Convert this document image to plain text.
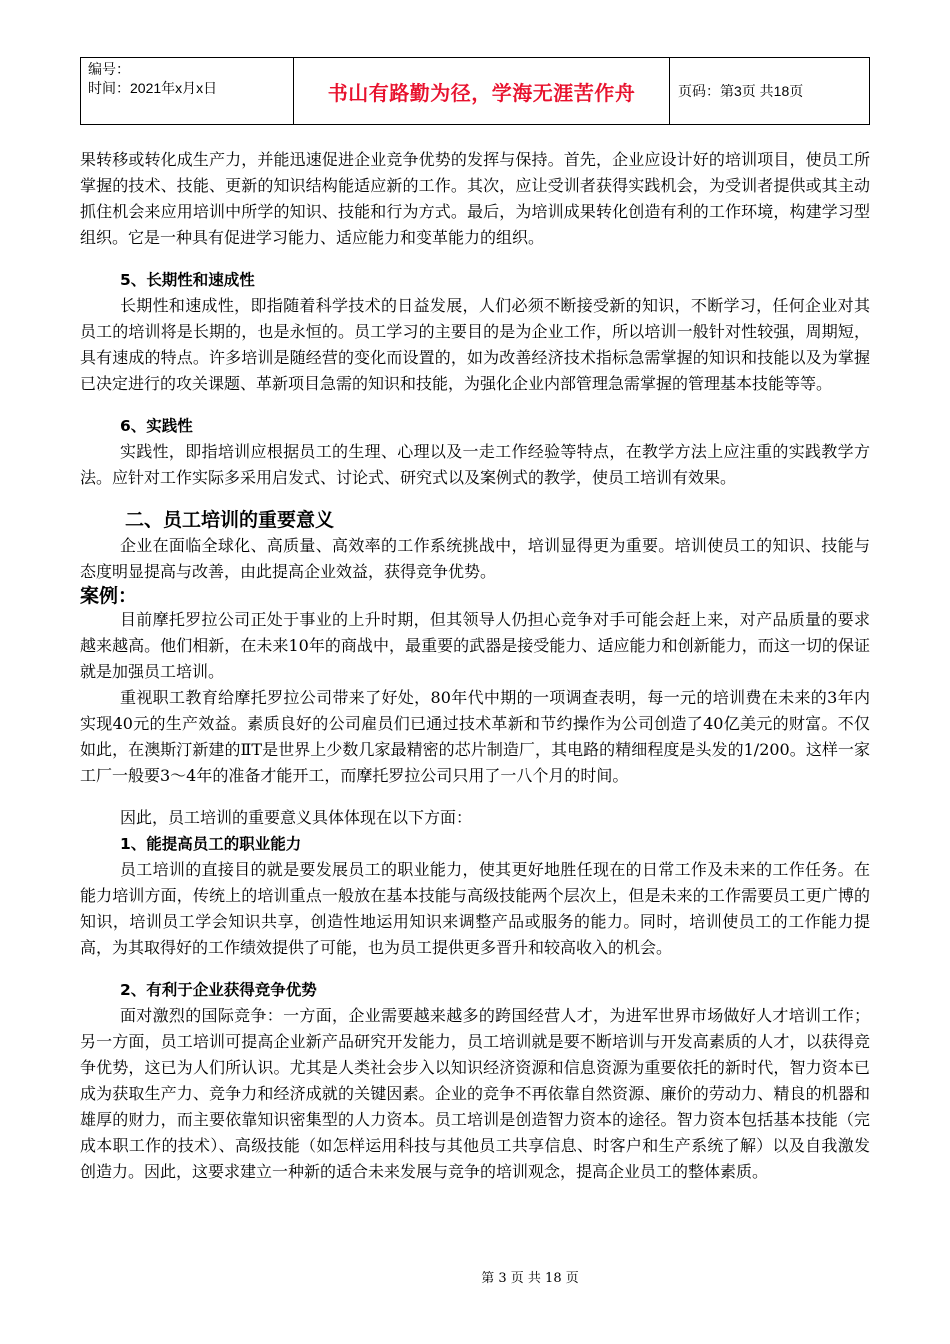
编号：
时间：2021年x月x日	书山有路勤为径，学海无涯苦作舟	页码：第3页 共18页

果转移或转化成生产力，并能迅速促进企业竞争优势的发挥与保持。首先，企业应设计好的培训项目，使员工所掌握的技术、技能、更新的知识结构能适应新的工作。其次，应让受训者获得实践机会，为受训者提供或其主动抓住机会来应用培训中所学的知识、技能和行为方式。最后，为培训成果转化创造有利的工作环境，构建学习型组织。它是一种具有促进学习能力、适应能力和变革能力的组织。

5、长期性和速成性

长期性和速成性，即指随着科学技术的日益发展，人们必须不断接受新的知识，不断学习，任何企业对其员工的培训将是长期的，也是永恒的。员工学习的主要目的是为企业工作，所以培训一般针对性较强，周期短，具有速成的特点。许多培训是随经营的变化而设置的，如为改善经济技术指标急需掌握的知识和技能以及为掌握已决定进行的攻关课题、革新项目急需的知识和技能，为强化企业内部管理急需掌握的管理基本技能等等。

6、实践性

实践性，即指培训应根据员工的生理、心理以及一走工作经验等特点，在教学方法上应注重的实践教学方法。应针对工作实际多采用启发式、讨论式、研究式以及案例式的教学，使员工培训有效果。

二、员工培训的重要意义

企业在面临全球化、高质量、高效率的工作系统挑战中，培训显得更为重要。培训使员工的知识、技能与态度明显提高与改善，由此提高企业效益，获得竞争优势。

案例：

目前摩托罗拉公司正处于事业的上升时期，但其领导人仍担心竞争对手可能会赶上来，对产品质量的要求越来越高。他们相新，在未来10年的商战中，最重要的武器是接受能力、适应能力和创新能力，而这一切的保证就是加强员工培训。

重视职工教育给摩托罗拉公司带来了好处，80年代中期的一项调查表明，每一元的培训费在未来的3年内实现40元的生产效益。素质良好的公司雇员们已通过技术革新和节约操作为公司创造了40亿美元的财富。不仅如此，在澳斯汀新建的ⅡT是世界上少数几家最精密的芯片制造厂，其电路的精细程度是头发的1/200。这样一家工厂一般要3～4年的准备才能开工，而摩托罗拉公司只用了一八个月的时间。

因此，员工培训的重要意义具体体现在以下方面：

1、能提高员工的职业能力

员工培训的直接目的就是要发展员工的职业能力，使其更好地胜任现在的日常工作及未来的工作任务。在能力培训方面，传统上的培训重点一般放在基本技能与高级技能两个层次上，但是未来的工作需要员工更广博的知识，培训员工学会知识共享，创造性地运用知识来调整产品或服务的能力。同时，培训使员工的工作能力提高，为其取得好的工作绩效提供了可能，也为员工提供更多晋升和较高收入的机会。

2、有利于企业获得竞争优势

面对激烈的国际竞争：一方面，企业需要越来越多的跨国经营人才，为进军世界市场做好人才培训工作；另一方面，员工培训可提高企业新产品研究开发能力，员工培训就是要不断培训与开发高素质的人才，以获得竞争优势，这已为人们所认识。尤其是人类社会步入以知识经济资源和信息资源为重要依托的新时代，智力资本已成为获取生产力、竞争力和经济成就的关键因素。企业的竞争不再依靠自然资源、廉价的劳动力、精良的机器和雄厚的财力，而主要依靠知识密集型的人力资本。员工培训是创造智力资本的途径。智力资本包括基本技能（完成本职工作的技术）、高级技能（如怎样运用科技与其他员工共享信息、时客户和生产系统了解）以及自我激发创造力。因此，这要求建立一种新的适合未来发展与竞争的培训观念，提高企业员工的整体素质。

第 3 页 共 18 页
